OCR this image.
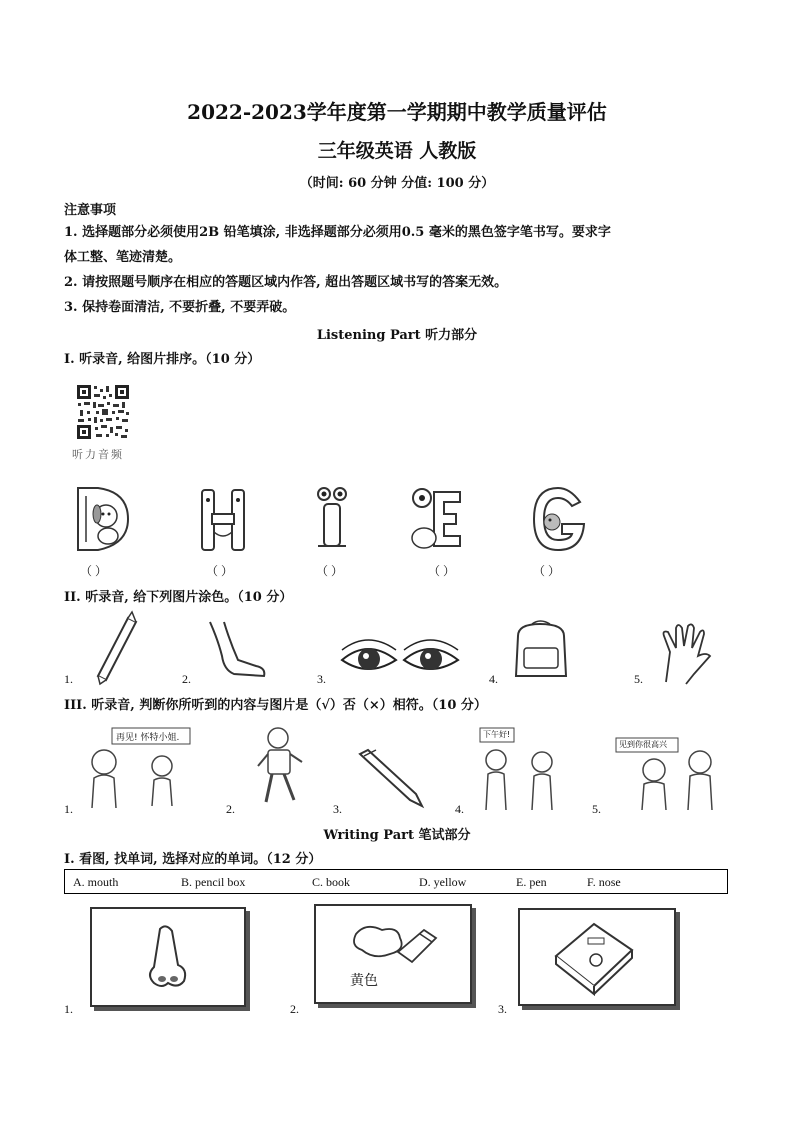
2022-2023学年度第一学期期中教学质量评估
三年级英语 人教版
（时间: 60 分钟 分值: 100 分）
注意事项
1. 选择题部分必须使用2B 铅笔填涂, 非选择题部分必须用0.5 毫米的黑色签字笔书写。要求字
体工整、笔迹清楚。
2. 请按照题号顺序在相应的答题区域内作答, 超出答题区域书写的答案无效。
3. 保持卷面清洁, 不要折叠, 不要弄破。
Listening Part 听力部分
I. 听录音, 给图片排序。（10 分）
听力音频
（ ）	（ ）	（ ）	（ ）	（ ）
II. 听录音, 给下列图片涂色。（10 分）
1.	2.	3.	4.	5.
III. 听录音, 判断你所听到的内容与图片是（√）否（×）相符。（10 分）
1.
再见! 怀特小姐.
2.	3.	4.
下午好!
5.
见到你很高兴
Writing Part 笔试部分
I. 看图, 找单词, 选择对应的单词。（12 分）
A. mouth	B. pencil box	C. book	D. yellow	E. pen	F. nose
1.	2.
黄色
3.
